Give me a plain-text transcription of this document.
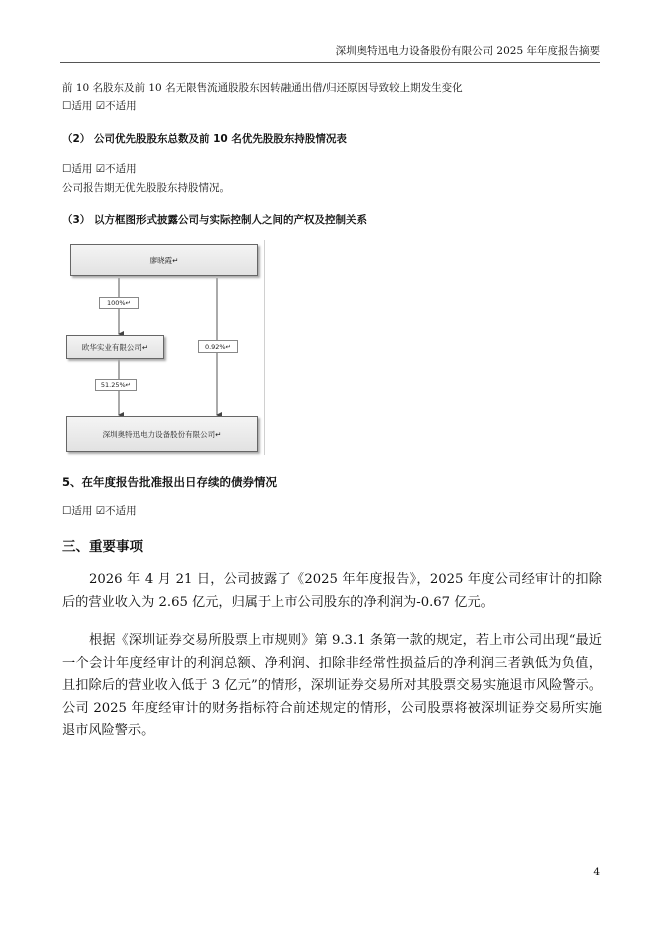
深圳奥特迅电力设备股份有限公司 2025 年年度报告摘要
前 10 名股东及前 10 名无限售流通股股东因转融通出借/归还原因导致较上期发生变化
☐适用 ☑不适用
（2） 公司优先股股东总数及前 10 名优先股股东持股情况表
☐适用 ☑不适用
公司报告期无优先股股东持股情况。
（3） 以方框图形式披露公司与实际控制人之间的产权及控制关系
廖晓霞↵
100%↵
欧华实业有限公司↵	0.92%↵
51.25%↵
深圳奥特迅电力设备股份有限公司↵
5、在年度报告批准报出日存续的债券情况
☐适用 ☑不适用
三、重要事项
2026 年 4 月 21 日，公司披露了《2025 年年度报告》，2025 年度公司经审计的扣除后的营业收入为 2.65 亿元，归属于上市公司股东的净利润为-0.67 亿元。
根据《深圳证券交易所股票上市规则》第 9.3.1 条第一款的规定，若上市公司出现“最近一个会计年度经审计的利润总额、净利润、扣除非经常性损益后的净利润三者孰低为负值，且扣除后的营业收入低于 3 亿元”的情形，深圳证券交易所对其股票交易实施退市风险警示。公司 2025 年度经审计的财务指标符合前述规定的情形，公司股票将被深圳证券交易所实施退市风险警示。
4
